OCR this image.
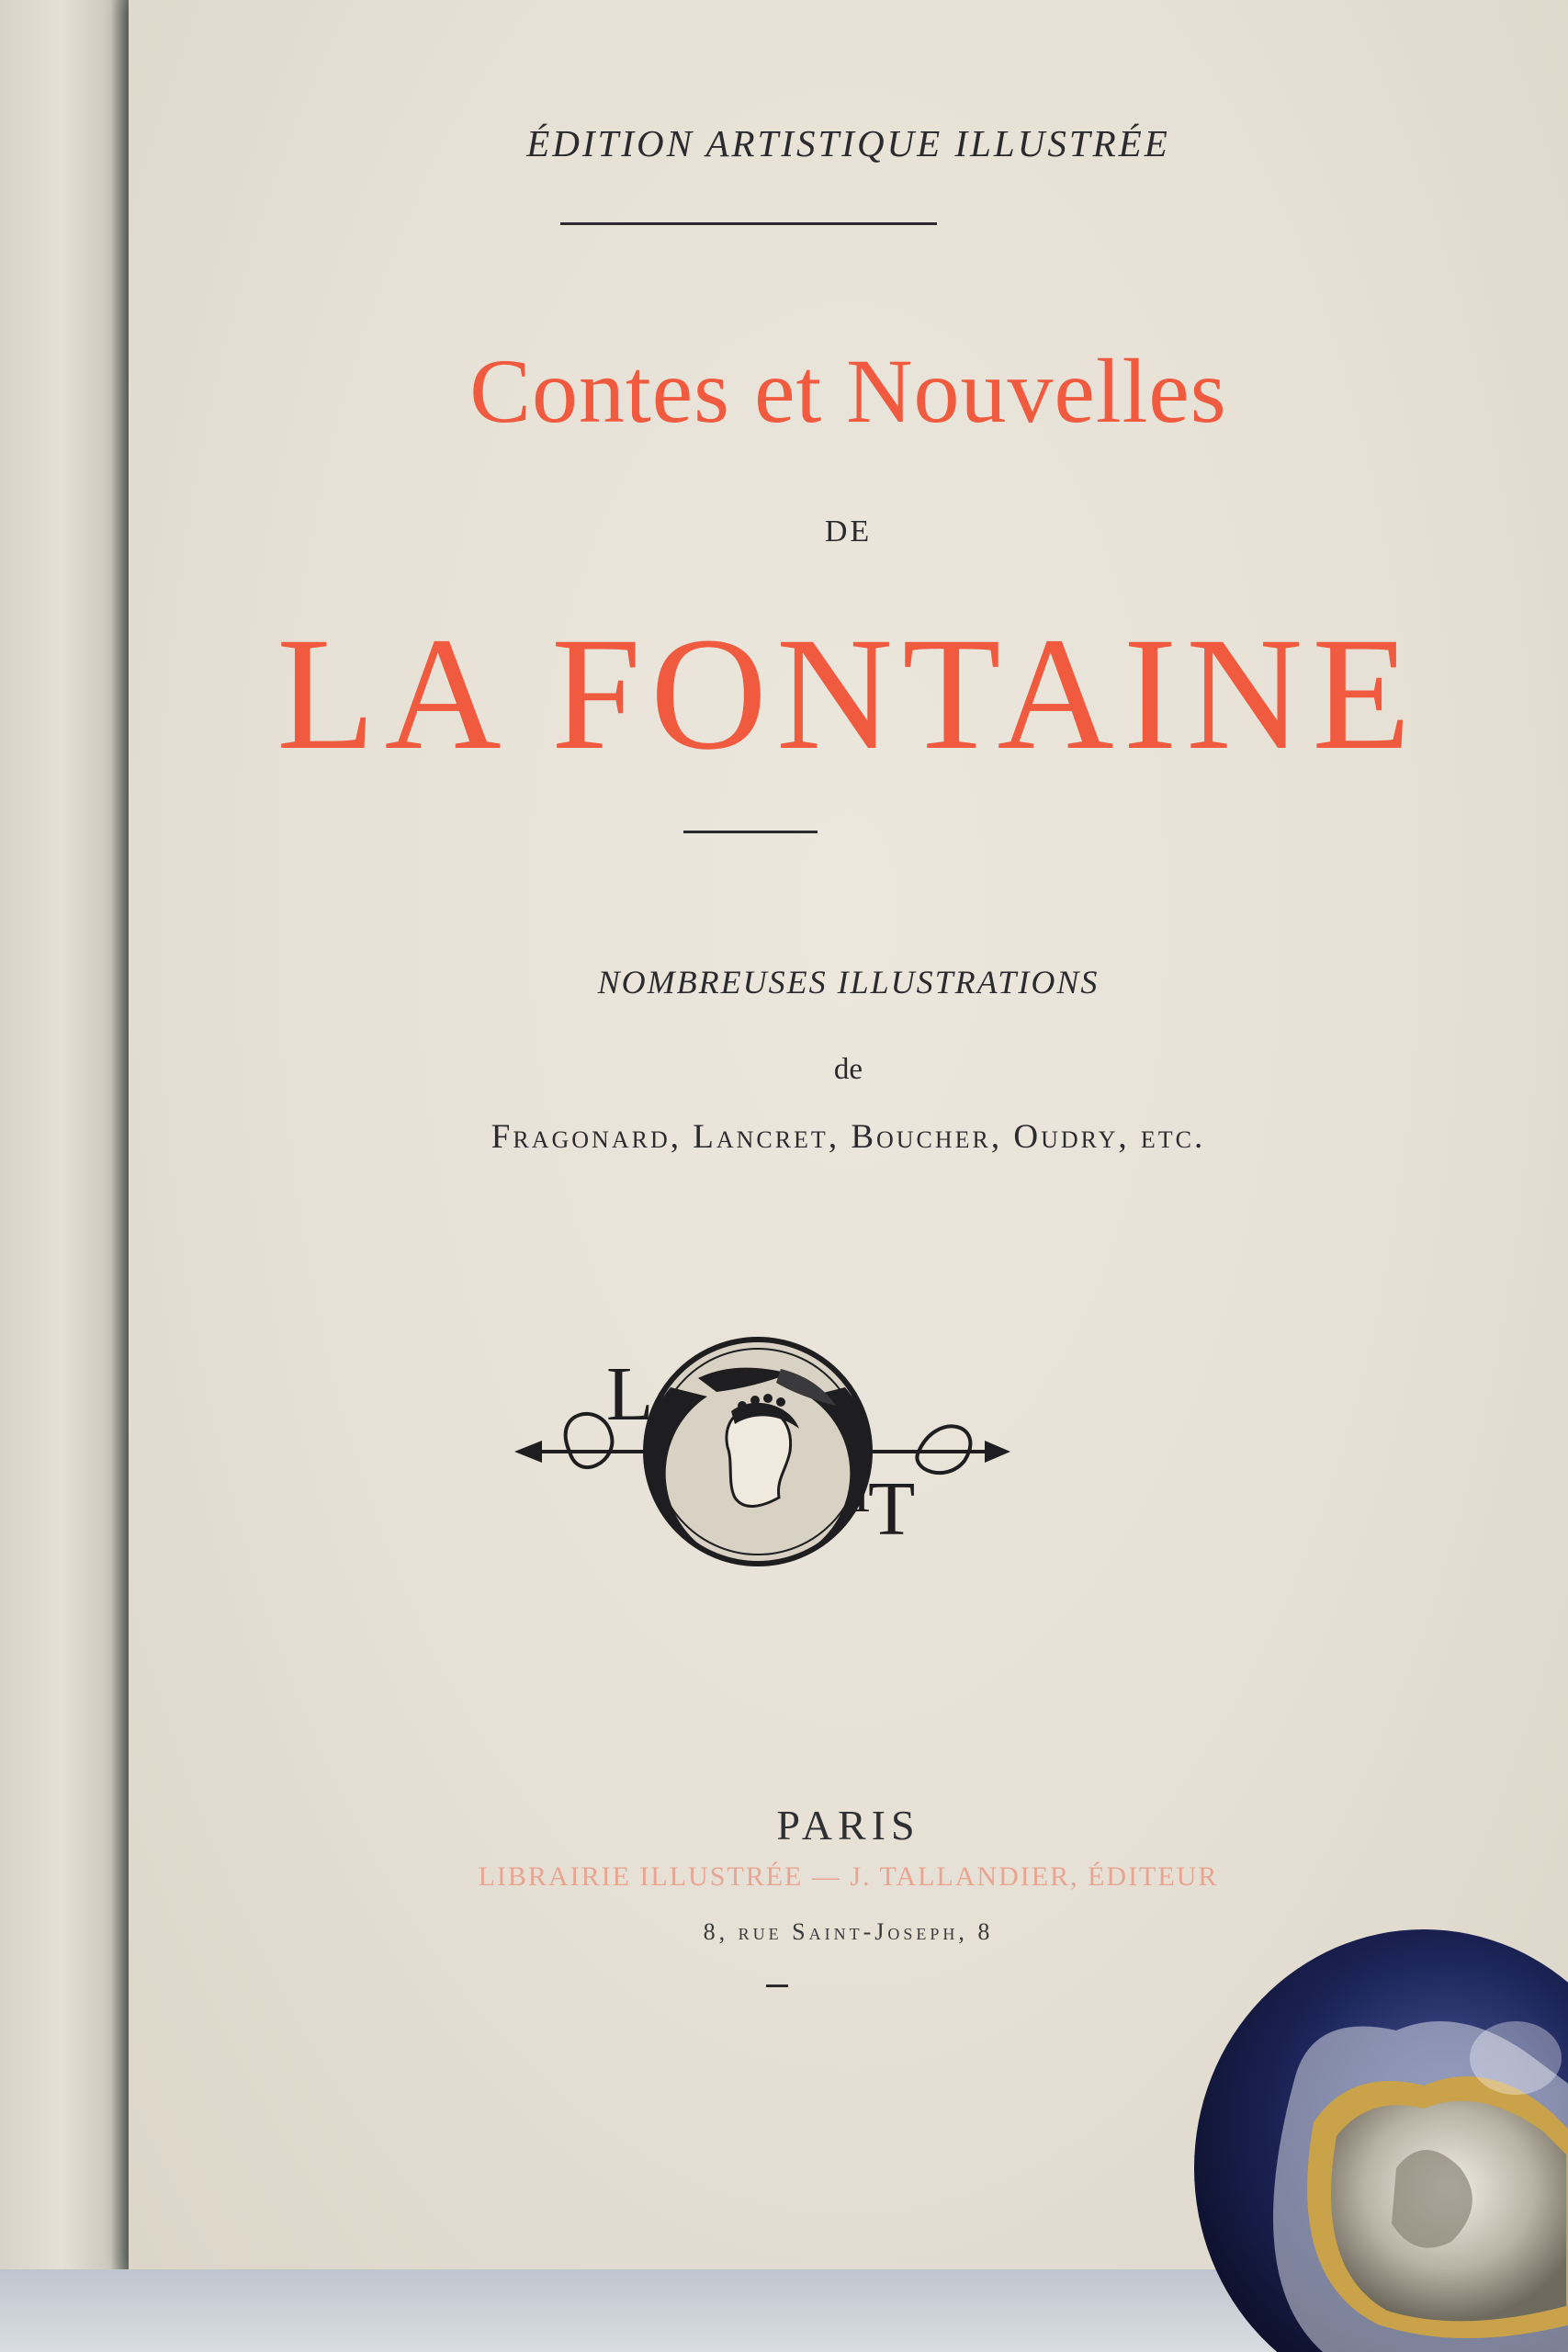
ÉDITION ARTISTIQUE ILLUSTRÉE
Contes et Nouvelles
DE
LA FONTAINE
NOMBREUSES ILLUSTRATIONS
de
Fragonard, Lancret, Boucher, Oudry, etc.
L
T
I
PARIS
LIBRAIRIE ILLUSTRÉE — J. TALLANDIER, ÉDITEUR
8, rue Saint-Joseph, 8
